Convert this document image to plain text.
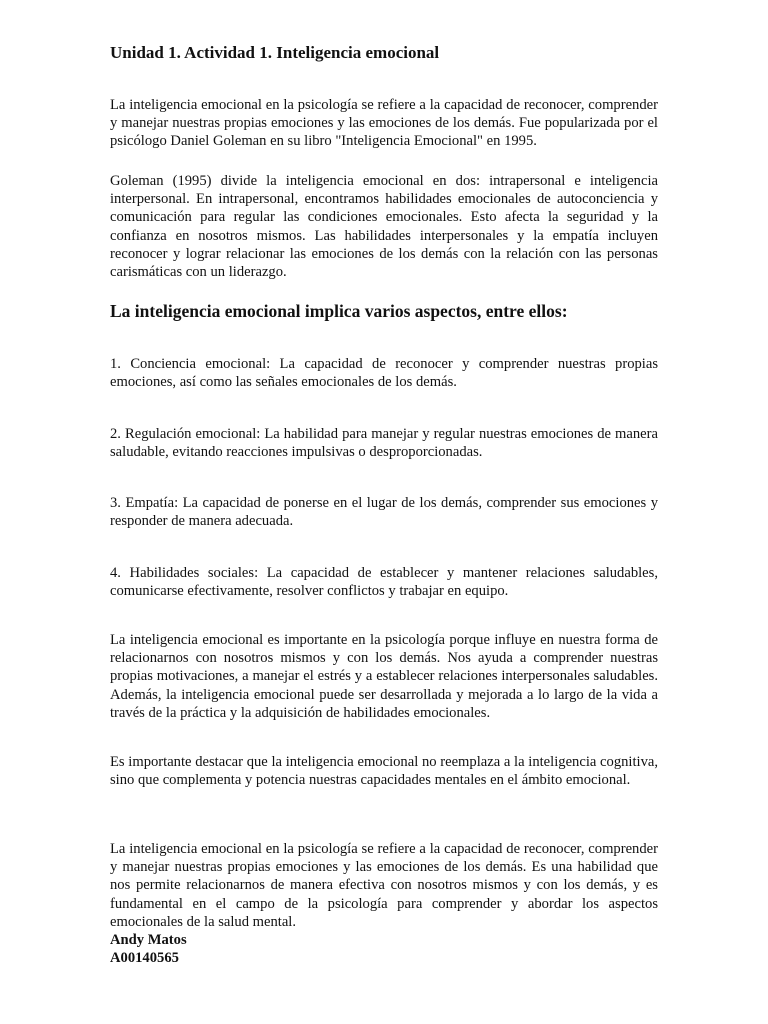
Unidad 1. Actividad 1. Inteligencia emocional

La inteligencia emocional en la psicología se refiere a la capacidad de reconocer, comprender y manejar nuestras propias emociones y las emociones de los demás. Fue popularizada por el psicólogo Daniel Goleman en su libro "Inteligencia Emocional" en 1995.

Goleman (1995) divide la inteligencia emocional en dos: intrapersonal e inteligencia interpersonal. En intrapersonal, encontramos habilidades emocionales de autoconciencia y comunicación para regular las condiciones emocionales. Esto afecta la seguridad y la confianza en nosotros mismos. Las habilidades interpersonales y la empatía incluyen reconocer y lograr relacionar las emociones de los demás con la relación con las personas carismáticas con un liderazgo.

La inteligencia emocional implica varios aspectos, entre ellos:

1. Conciencia emocional: La capacidad de reconocer y comprender nuestras propias emociones, así como las señales emocionales de los demás.

2. Regulación emocional: La habilidad para manejar y regular nuestras emociones de manera saludable, evitando reacciones impulsivas o desproporcionadas.

3. Empatía: La capacidad de ponerse en el lugar de los demás, comprender sus emociones y responder de manera adecuada.

4. Habilidades sociales: La capacidad de establecer y mantener relaciones saludables, comunicarse efectivamente, resolver conflictos y trabajar en equipo.

La inteligencia emocional es importante en la psicología porque influye en nuestra forma de relacionarnos con nosotros mismos y con los demás. Nos ayuda a comprender nuestras propias motivaciones, a manejar el estrés y a establecer relaciones interpersonales saludables. Además, la inteligencia emocional puede ser desarrollada y mejorada a lo largo de la vida a través de la práctica y la adquisición de habilidades emocionales.

Es importante destacar que la inteligencia emocional no reemplaza a la inteligencia cognitiva, sino que complementa y potencia nuestras capacidades mentales en el ámbito emocional.

La inteligencia emocional en la psicología se refiere a la capacidad de reconocer, comprender y manejar nuestras propias emociones y las emociones de los demás. Es una habilidad que nos permite relacionarnos de manera efectiva con nosotros mismos y con los demás, y es fundamental en el campo de la psicología para comprender y abordar los aspectos emocionales de la salud mental.

Andy Matos

A00140565
